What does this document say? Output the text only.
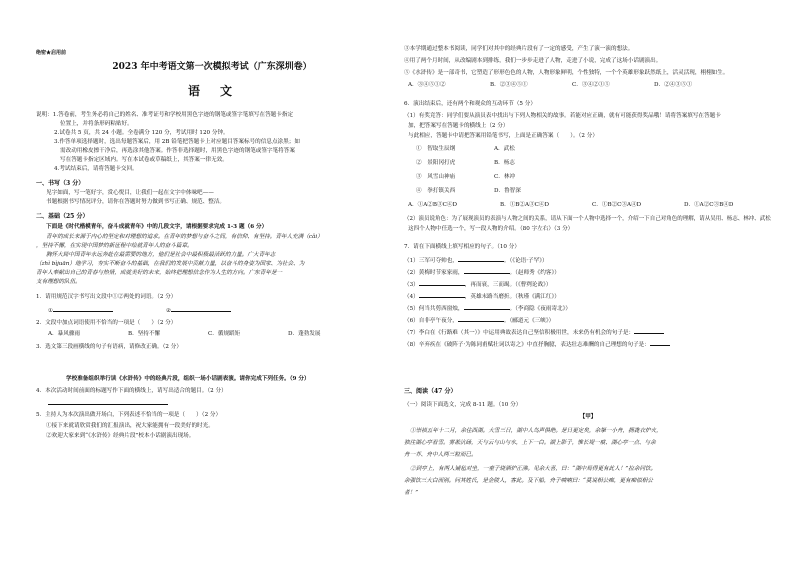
绝密★启用前
2023 年中考语文第一次模拟考试（广东深圳卷）
语　文
说明：1.答卷前，考生务必将自己的姓名、准考证号和学校用黑色字迹的钢笔或签字笔填写在答题卡指定
位置上，并将条形码粘贴好。
2.试卷共 5 页，共 24 小题。全卷满分 120 分，考试用时 120 分钟。
3.作答单项选择题时，选出每题答案后，用 2B 铅笔把答题卡上对应题目答案标号的信息点涂黑；如
需改动用橡皮擦干净后，再选涂其他答案。作答非选择题时，用黑色字迹的钢笔或签字笔将答案
写在答题卡指定区域内。写在本试卷或草稿纸上，其答案一律无效。
4.考试结束后，请将答题卡交回。
一、书写（3 分）
见字如面，写一笔好字，赏心悦目，让我们一起在文字中体味吧——
书题根据书写情况评分，请你在答题时努力做到书写正确、规范、整洁。
二、基础（25 分）
下面是《时代楷模青年，奋斗成就青年》中的几段文字，请根据要求完成 1-3 题（6 分）
青年的成长来源于内心的坚定和对理想的追求。在青年的梦想与奋斗之间，有信仰、有坚持。青年人充满（cǎi）
，坚持不懈，在实现中国梦的新征程中绘就青年人的奋斗篇章。
胸怀大局中国青年永远奔赴在最需要的地方，他们是社会中最积极最活跃的力量。广大青年志
（zhì bìjuān）地学习，夯实不断奋斗的基础，在我们的发展中贡献力量，以奋斗的身姿为国家、为社会、为
青年人奉献出自己的青春与热情，成就美好的未来，始终把理想信念作为人生的方向。广东青年是一
支有理想的队伍。
1．请用规范汉字书写出文段中①②两处的词语。（2 分）
①	②
2．文段中加点词语使用不恰当的一项是（　　）（2 分）
A．暴风骤雨	B．坚持不懈	C．循规蹈矩	D．蓬勃发展
3．选文第三段画横线的句子有语病，请修改正确。（2 分）
学校准备组织举行读《水浒传》中的经典片段，组织一场小话剧表演。请你完成下列任务。（9 分）
4．本次活动时间前面的标题写作下面的横线上，请写出适合的题目。（2 分）
5．主持人为本次演出做开场白，下列表述不恰当的一项是（　　）（2 分）
①接下来就请欣赏我们的汇报演出，祝大家能拥有一段美好的时光。
②欢迎大家来到“《水浒传》经典片段”校本小话剧演出现场。
③本学期通过整本书阅读，同学们对其中的经典片段有了一定的感受，产生了演一演的想法。
④用了两个月时间，从改编剧本到排练，我们一步步走进了人物，走进了小说，完成了这场小话剧演出。
⑤《水浒传》是一部奇书，它塑造了形形色色的人物，人物形象鲜明，个性独特，一个个英雄形象跃然纸上，活灵活现，栩栩如生。
A．③④⑤①②	B．②③④⑤①	C．③④②①⑤	D．②④③⑤①
6．演出结束后，还有两个和观众的互动环节（5 分）
（1）有奖竞答：同学们要从演员表中找出与下列人物相关的故事。若能对应正确，就有可能获得奖品哦！请将答案填写在答题卡
加，把答案写在答题卡的横线上（2 分）
与此相应，答题卡中请把答案用铅笔书写，上面是正确答案（　　）。（2 分）
①　智取生辰纲	A．武松
②　景阳冈打虎	B．杨志
③　风雪山神庙	C．林冲
④　拳打镇关西	D．鲁智深
A．①A②B③C④D	B．①B②A③C④D	C．①B②C③A④D	D．①A②C③B④D
（2）演员说角色：为了展现演员的表演与人物之间的关系，请从下面一个人物中选择一个，介绍一下自己对角色的理解，请从吴用、杨志、林冲、武松
这四个人物中任选一个，写一段人物的介绍。（80 字左右）（3 分）
7．请在下面横线上填写相应的句子。（10 分）
（1）三军可夺帅也，	。（《论语·子罕》）
（2）黄梅时节家家雨，	。（赵师秀《约客》）
（3）	，再而衰，三而竭。（《曹刿论战》）
（4）	，英雄末路当磨折。（秋瑾《满江红》）
（5）何当共剪西窗烛，	。（李商隐《夜雨寄北》）
（6）自非亭午夜分，	。（郦道元《三峡》）
（7）李白在《行路难（其一）》中运用典故表达自己坚信积极用世，未来仍有机会的句子是：
（8）辛弃疾在《破阵子·为陈同甫赋壮词以寄之》中直抒胸臆，表达壮志难酬的自己理想的句子是：
三、阅读（47 分）
（一）阅读下面选文，完成 8-11 题。（10 分）
【甲】
①崇祯五年十二月，余住西湖。大雪三日，湖中人鸟声俱绝。是日更定矣，余拏一小舟，拥毳衣炉火，
独往湖心亭看雪。雾凇沆砀，天与云与山与水，上下一白。湖上影子，惟长堤一痕、湖心亭一点、与余
舟一芥、舟中人两三粒而已。
②到亭上，有两人铺毡对坐，一童子烧酒炉正沸。见余大喜，曰：“湖中焉得更有此人！”拉余同饮。
余强饮三大白而别。问其姓氏，是金陵人，客此。及下船，舟子喃喃曰：“莫说相公痴，更有痴似相公
者！”
